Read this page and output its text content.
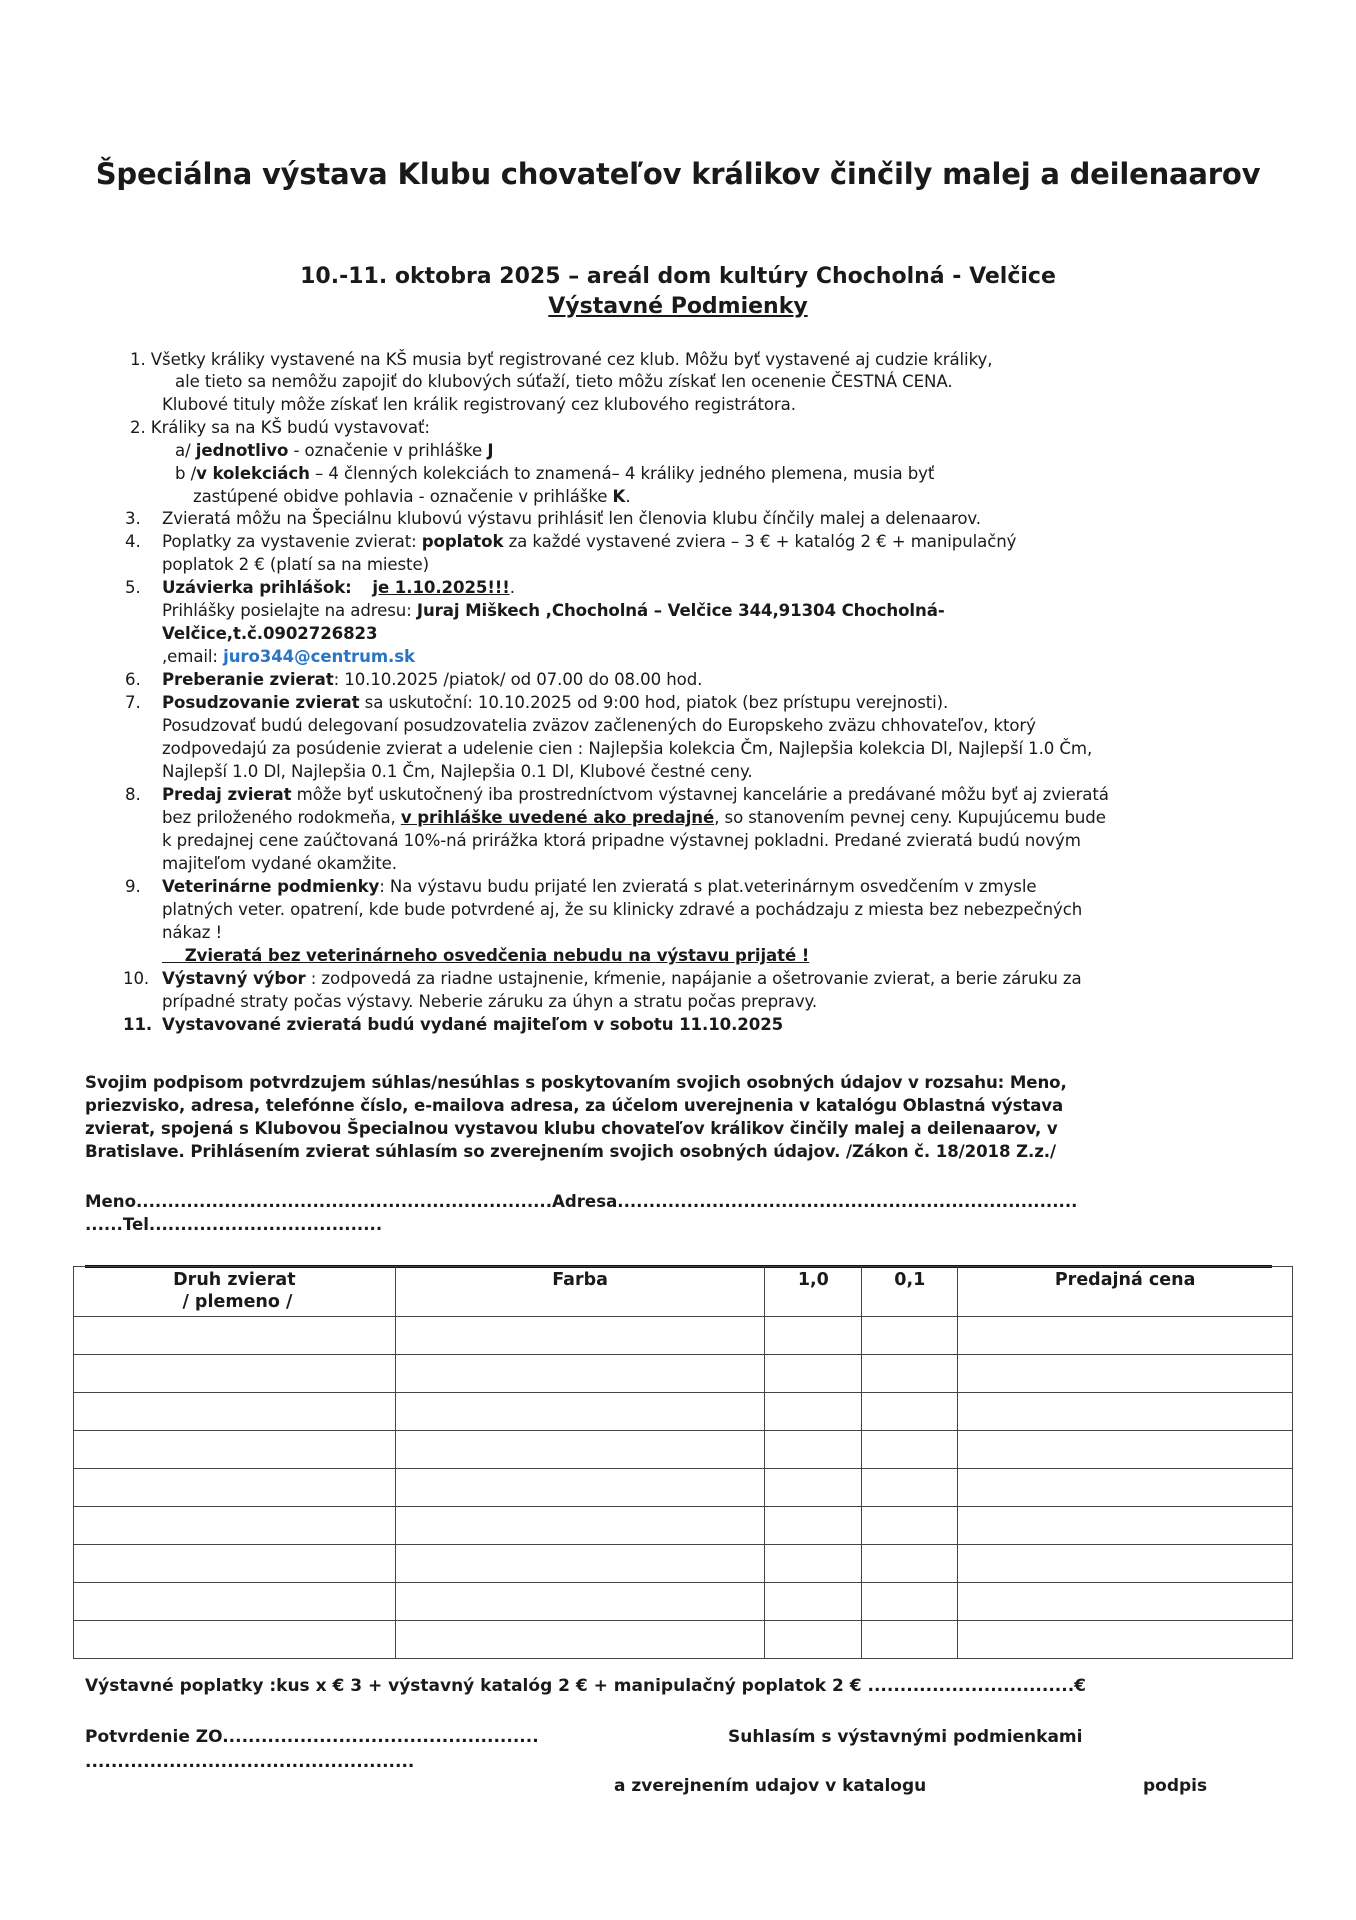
Špeciálna výstava Klubu chovateľov králikov činčily malej a deilenaarov
10.-11. oktobra 2025 – areál dom kultúry Chocholná - Velčice
Výstavné Podmienky
1. Všetky králiky vystavené na KŠ musia byť registrované cez klub. Môžu byť vystavené aj cudzie králiky,
ale tieto sa nemôžu zapojiť do klubových súťaží, tieto môžu získať len ocenenie ČESTNÁ CENA.
Klubové tituly môže získať len králik registrovaný cez klubového registrátora.
2. Králiky sa na KŠ budú vystavovať:
a/ jednotlivo - označenie v prihláške J
b /v kolekciách – 4 členných kolekciách to znamená– 4 králiky jedného plemena, musia byť
zastúpené obidve pohlavia - označenie v prihláške K.
3. Zvieratá môžu na Špeciálnu klubovú výstavu prihlásiť len členovia klubu čínčily malej a delenaarov.
4. Poplatky za vystavenie zvierat: poplatok za každé vystavené zviera – 3 € + katalóg 2 € + manipulačný
poplatok 2 € (platí sa na mieste)
5. Uzávierka prihlášok: je 1.10.2025!!!.
Prihlášky posielajte na adresu: Juraj Miškech ,Chocholná – Velčice 344,91304 Chocholná-
Velčice,t.č.0902726823
,email: juro344@centrum.sk
6. Preberanie zvierat: 10.10.2025 /piatok/ od 07.00 do 08.00 hod.
7. Posudzovanie zvierat sa uskutoční: 10.10.2025 od 9:00 hod, piatok (bez prístupu verejnosti).
Posudzovať budú delegovaní posudzovatelia zväzov začlenených do Europskeho zväzu chhovateľov, ktorý
zodpovedajú za posúdenie zvierat a udelenie cien : Najlepšia kolekcia Čm, Najlepšia kolekcia Dl, Najlepší 1.0 Čm,
Najlepší 1.0 Dl, Najlepšia 0.1 Čm, Najlepšia 0.1 Dl, Klubové čestné ceny.
8. Predaj zvierat môže byť uskutočnený iba prostredníctvom výstavnej kancelárie a predávané môžu byť aj zvieratá
bez priloženého rodokmeňa, v prihláške uvedené ako predajné, so stanovením pevnej ceny. Kupujúcemu bude
k predajnej cene zaúčtovaná 10%-ná prirážka ktorá pripadne výstavnej pokladni. Predané zvieratá budú novým
majiteľom vydané okamžite.
9. Veterinárne podmienky: Na výstavu budu prijaté len zvieratá s plat.veterinárnym osvedčením v zmysle
platných veter. opatrení, kde bude potvrdené aj, že su klinicky zdravé a pochádzaju z miesta bez nebezpečných
nákaz !
Zvieratá bez veterinárneho osvedčenia nebudu na výstavu prijaté !
10. Výstavný výbor : zodpovedá za riadne ustajnenie, kŕmenie, napájanie a ošetrovanie zvierat, a berie záruku za
prípadné straty počas výstavy. Neberie záruku za úhyn a stratu počas prepravy.
11. Vystavované zvieratá budú vydané majiteľom v sobotu 11.10.2025
Svojim podpisom potvrdzujem súhlas/nesúhlas s poskytovaním svojich osobných údajov v rozsahu: Meno,
priezvisko, adresa, telefónne číslo, e-mailova adresa, za účelom uverejnenia v katalógu Oblastná výstava
zvierat, spojená s Klubovou Špecialnou vystavou klubu chovateľov králikov činčily malej a deilenaarov, v
Bratislave. Prihlásením zvierat súhlasím so zverejnením svojich osobných údajov. /Zákon č. 18/2018 Z.z./
Meno..................................................................Adresa.........................................................................
......Tel.....................................
Druh zvierat
/ plemeno /	Farba	1,0	0,1	Predajná cena

Výstavné poplatky :kus x € 3 + výstavný katalóg 2 € + manipulačný poplatok 2 € ................................€
Potvrdenie ZO.................................................
...................................................
Suhlasím s výstavnými podmienkami
a zverejnením udajov v katalogu	podpis
